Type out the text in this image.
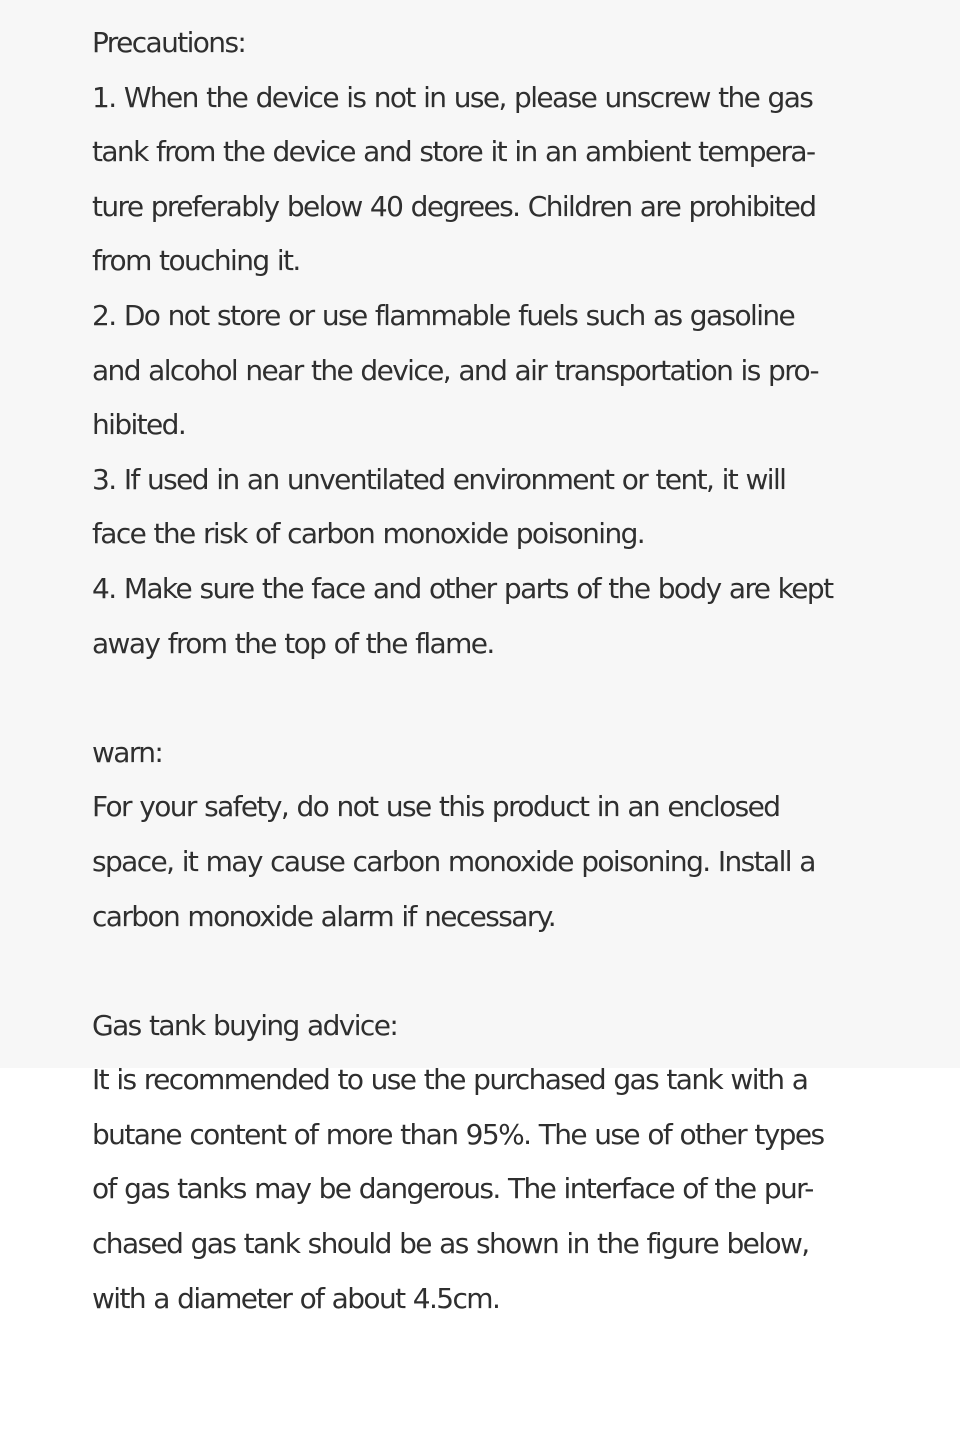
Precautions:
1. When the device is not in use, please unscrew the gas
tank from the device and store it in an ambient tempera-
ture preferably below 40 degrees. Children are prohibited
from touching it.
2. Do not store or use flammable fuels such as gasoline
and alcohol near the device, and air transportation is pro-
hibited.
3. If used in an unventilated environment or tent, it will
face the risk of carbon monoxide poisoning.
4. Make sure the face and other parts of the body are kept
away from the top of the flame.
warn:
For your safety, do not use this product in an enclosed
space, it may cause carbon monoxide poisoning. Install a
carbon monoxide alarm if necessary.
Gas tank buying advice:
It is recommended to use the purchased gas tank with a
butane content of more than 95%. The use of other types
of gas tanks may be dangerous. The interface of the pur-
chased gas tank should be as shown in the figure below,
with a diameter of about 4.5cm.
